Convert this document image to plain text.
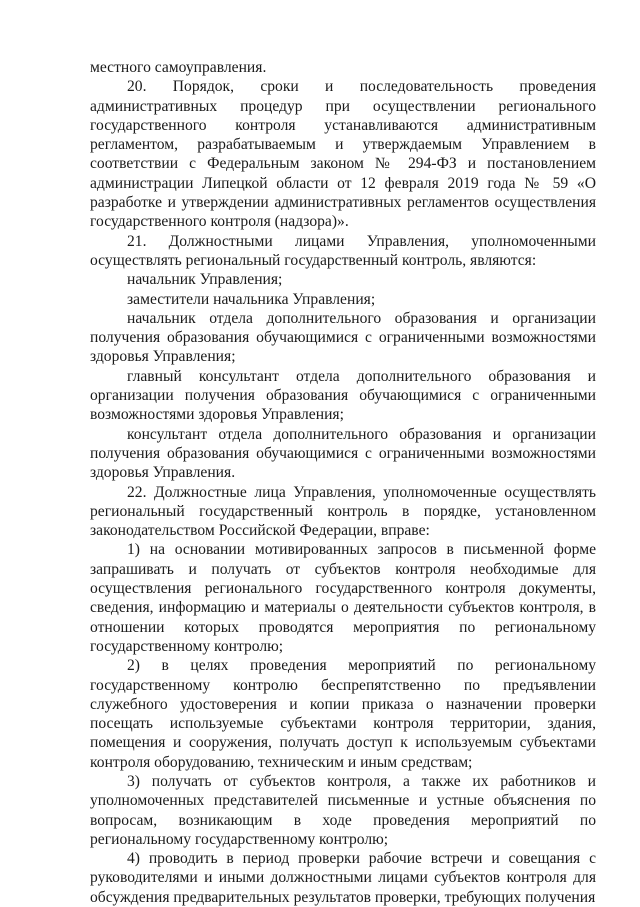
местного самоуправления.

20. Порядок, сроки и последовательность проведения административных процедур при осуществлении регионального государственного контроля устанавливаются административным регламентом, разрабатываемым и утверждаемым Управлением в соответствии с Федеральным законом № 294-ФЗ и постановлением администрации Липецкой области от 12 февраля 2019 года № 59 «О разработке и утверждении административных регламентов осуществления государственного контроля (надзора)».

21. Должностными лицами Управления, уполномоченными осуществлять региональный государственный контроль, являются:

начальник Управления;

заместители начальника Управления;

начальник отдела дополнительного образования и организации получения образования обучающимися с ограниченными возможностями здоровья Управления;

главный консультант отдела дополнительного образования и организации получения образования обучающимися с ограниченными возможностями здоровья Управления;

консультант отдела дополнительного образования и организации получения образования обучающимися с ограниченными возможностями здоровья Управления.

22. Должностные лица Управления, уполномоченные осуществлять региональный государственный контроль в порядке, установленном законодательством Российской Федерации, вправе:

1) на основании мотивированных запросов в письменной форме запрашивать и получать от субъектов контроля необходимые для осуществления регионального государственного контроля документы, сведения, информацию и материалы о деятельности субъектов контроля, в отношении которых проводятся мероприятия по региональному государственному контролю;

2) в целях проведения мероприятий по региональному государственному контролю беспрепятственно по предъявлении служебного удостоверения и копии приказа о назначении проверки посещать используемые субъектами контроля территории, здания, помещения и сооружения, получать доступ к используемым субъектами контроля оборудованию, техническим и иным средствам;

3) получать от субъектов контроля, а также их работников и уполномоченных представителей письменные и устные объяснения по вопросам, возникающим в ходе проведения мероприятий по региональному государственному контролю;

4) проводить в период проверки рабочие встречи и совещания с руководителями и иными должностными лицами субъектов контроля для обсуждения предварительных результатов проверки, требующих получения
